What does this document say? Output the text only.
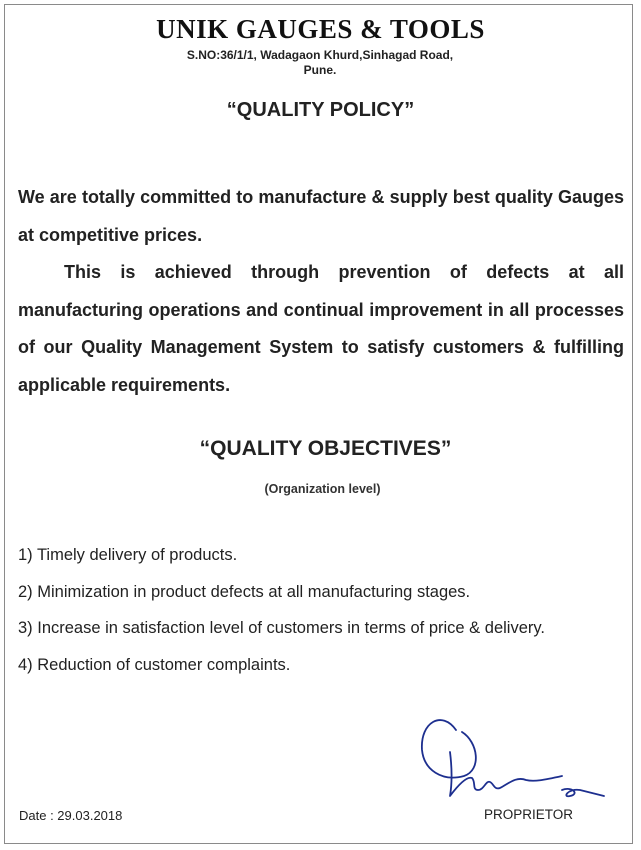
UNIK GAUGES & TOOLS
S.NO:36/1/1, Wadagaon Khurd,Sinhagad Road,
Pune.
“QUALITY POLICY”

We are totally committed to manufacture & supply best quality Gauges at competitive prices.

This is achieved through prevention of defects at all manufacturing operations and continual improvement in all processes of our Quality Management System to satisfy customers & fulfilling applicable requirements.

“QUALITY OBJECTIVES”
(Organization level)

1) Timely delivery of products.

2) Minimization in product defects at all manufacturing stages.

3) Increase in satisfaction level of customers in terms of price & delivery.

4) Reduction of customer complaints.

Date : 29.03.2018	PROPRIETOR
